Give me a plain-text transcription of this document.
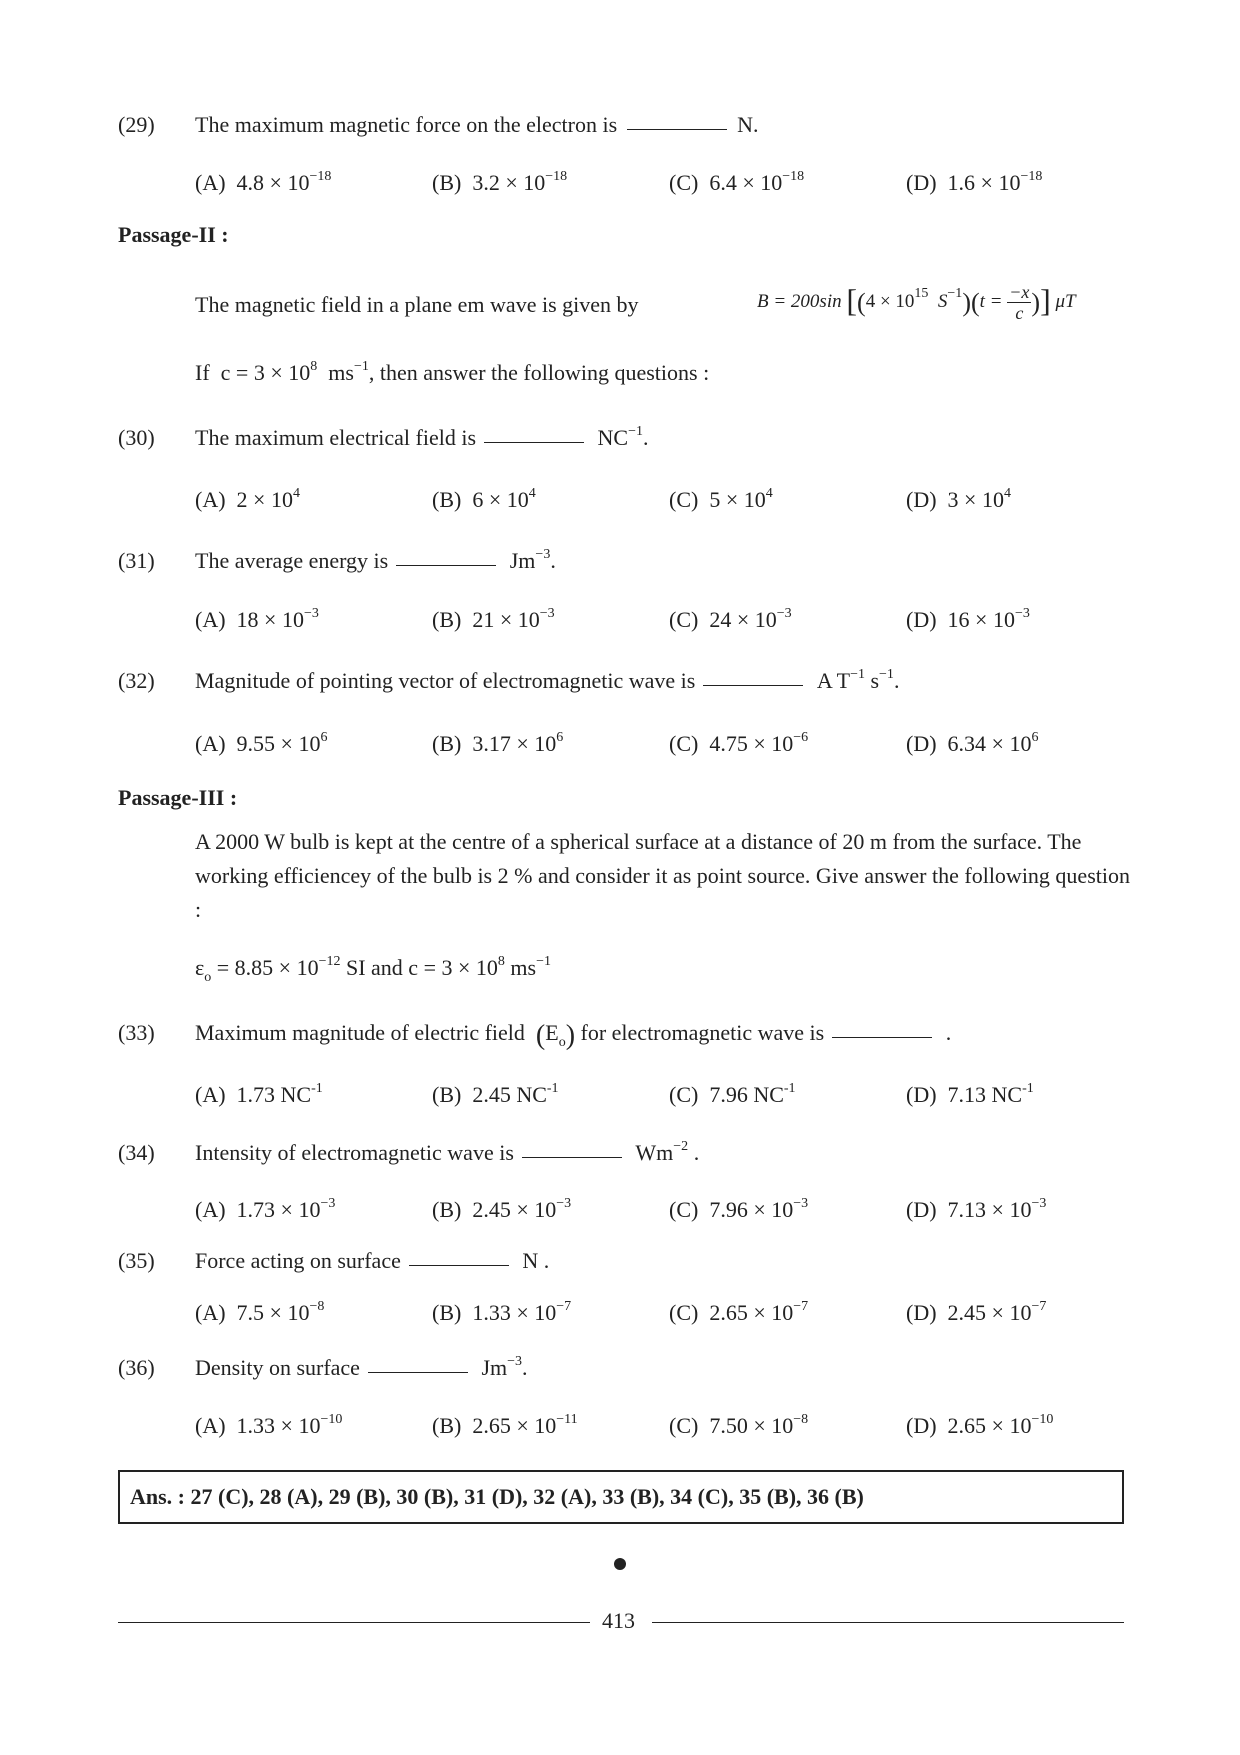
(29) The maximum magnetic force on the electron is	N.
(A) $4.8 \times 10^{-18}$	(B) $3.2 \times 10^{-18}$	(C) $6.4 \times 10^{-18}$	(D) $1.6 \times 10^{-18}$
Passage-II :
The magnetic field in a plane em wave is given by	B = 200sin [($4 \times 10^{15}$ $S^{-1})(t = \frac{-x}{c}$ )] μT
If $c = 3 \times 10^8$ $ms^{-1}$, then answer the following questions :
(30) The maximum electrical field is	$NC^{-1}$.
(A) $2 \times 10^4$	(B) $6 \times 10^4$	(C) $5 \times 10^4$	(D) $3 \times 10^4$
(31) The average energy is	$Jm^{-3}$.
(A) $18 \times 10^{-3}$	(B) $21 \times 10^{-3}$	(C) $24 \times 10^{-3}$	(D) $16 \times 10^{-3}$
(32) Magnitude of pointing vector of electromagnetic wave is	A $T^{-1}$ $s^{-1}$.
(A) $9.55 \times 10^6$	(B) $3.17 \times 10^6$	(C) $4.75 \times 10^{-6}$	(D) $6.34 \times 10^6$
Passage-III :
A 2000 W bulb is kept at the centre of a spherical surface at a distance of 20 m from the surface. The working efficiencey of the bulb is 2 % and consider it as point source. Give answer the following question :
$\varepsilon_o = 8.85 \times 10^{-12}$ SI and $c = 3 \times 10^8$ $ms^{-1}$
(33) Maximum magnitude of electric field $(E_o)$ for electromagnetic wave is	.
(A) 1.73 $NC^{-1}$	(B) 2.45 $NC^{-1}$	(C) 7.96 $NC^{-1}$	(D) 7.13 $NC^{-1}$
(34) Intensity of electromagnetic wave is	$Wm^{-2}$ .
(A) $1.73 \times 10^{-3}$	(B) $2.45 \times 10^{-3}$	(C) $7.96 \times 10^{-3}$	(D) $7.13 \times 10^{-3}$
(35) Force acting on surface	N .
(A) $7.5 \times 10^{-8}$	(B) $1.33 \times 10^{-7}$	(C) $2.65 \times 10^{-7}$	(D) $2.45 \times 10^{-7}$
(36) Density on surface	$Jm^{-3}$.
(A) $1.33 \times 10^{-10}$	(B) $2.65 \times 10^{-11}$	(C) $7.50 \times 10^{-8}$	(D) $2.65 \times 10^{-10}$
Ans. : 27 (C), 28 (A), 29 (B), 30 (B), 31 (D), 32 (A), 33 (B), 34 (C), 35 (B), 36 (B)
413
